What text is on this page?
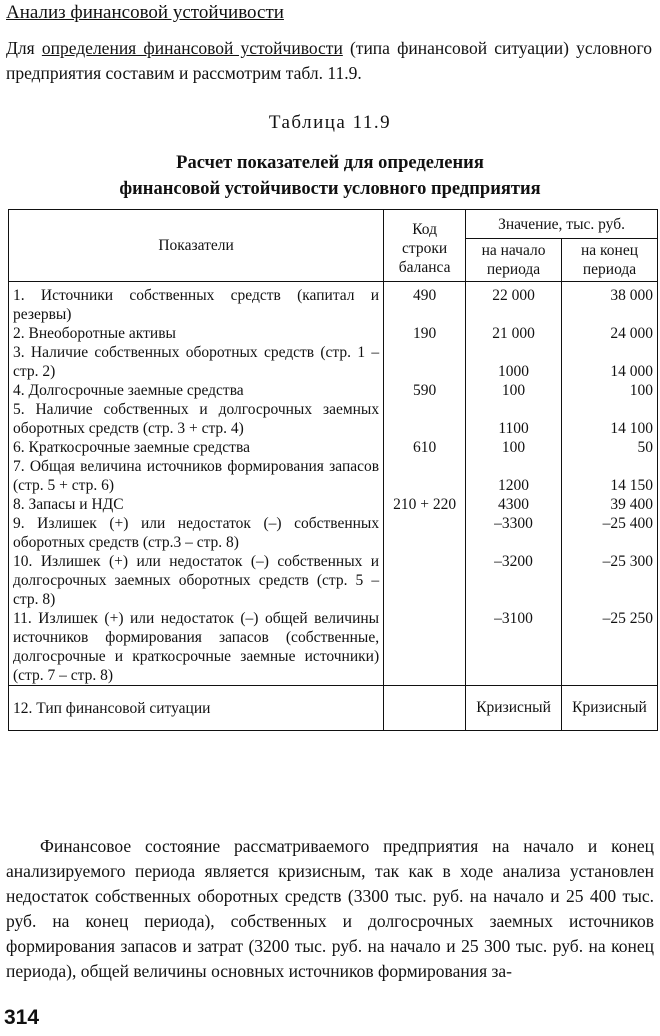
Анализ финансовой устойчивости
Для определения финансовой устойчивости (типа финансовой ситуации) условного предприятия составим и рассмотрим табл. 11.9.
Таблица 11.9
Расчет показателей для определения
финансовой устойчивости условного предприятия
Показатели	Код строки баланса	Значение, тыс. руб.	
		на начало периода	на конец периода
1. Источники собственных средств (капитал и резервы)	490	22 000	38 000
2. Внеоборотные активы	190	21 000	24 000
3. Наличие собственных оборотных средств (стр. 1 – стр. 2)		1000	14 000
4. Долгосрочные заемные средства	590	100	100
5. Наличие собственных и долгосрочных заемных оборотных средств (стр. 3 + стр. 4)		1100	14 100
6. Краткосрочные заемные средства	610	100	50
7. Общая величина источников формирования запасов (стр. 5 + стр. 6)		1200	14 150
8. Запасы и НДС	210 + 220	4300	39 400
9. Излишек (+) или недостаток (–) собственных оборотных средств (стр.3 – стр. 8)		–3300	–25 400
10. Излишек (+) или недостаток (–) собственных и долгосрочных заемных оборотных средств (стр. 5 – стр. 8)		–3200	–25 300
11. Излишек (+) или недостаток (–) общей величины источников формирования запасов (собственные, долгосрочные и краткосрочные заемные источники) (стр. 7 – стр. 8)		–3100	–25 250
12. Тип финансовой ситуации		Кризисный	Кризисный
Финансовое состояние рассматриваемого предприятия на начало и конец анализируемого периода является кризисным, так как в ходе анализа установлен недостаток собственных оборотных средств (3300 тыс. руб. на начало и 25 400 тыс. руб. на конец периода), собственных и долгосрочных заемных источников формирования запасов и затрат (3200 тыс. руб. на начало и 25 300 тыс. руб. на конец периода), общей величины основных источников формирования за-
314
